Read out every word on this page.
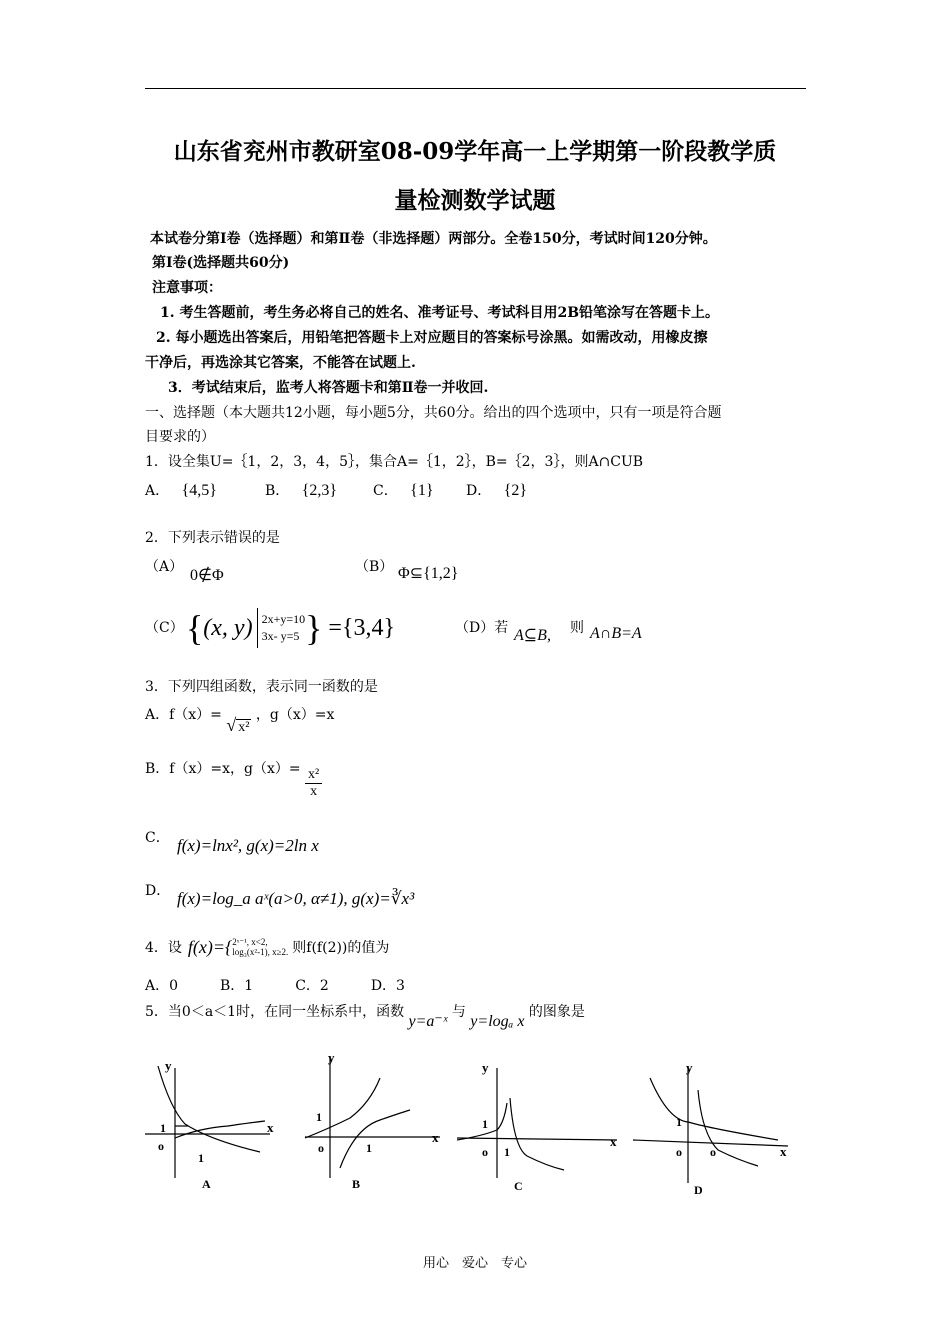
山东省兖州市教研室08-09学年高一上学期第一阶段教学质
量检测数学试题
本试卷分第Ⅰ卷（选择题）和第Ⅱ卷（非选择题）两部分。全卷150分，考试时间120分钟。
第Ⅰ卷(选择题共60分)
注意事项：
1. 考生答题前，考生务必将自己的姓名、准考证号、考试科目用2B铅笔涂写在答题卡上。
2. 每小题选出答案后，用铅笔把答题卡上对应题目的答案标号涂黑。如需改动，用橡皮擦
干净后，再选涂其它答案，不能答在试题上.
3．考试结束后，监考人将答题卡和第Ⅱ卷一并收回.
一、选择题（本大题共12小题，每小题5分，共60分。给出的四个选项中，只有一项是符合题
目要求的）
1．设全集U=｛1，2，3，4，5｝，集合A=｛1，2｝，B=｛2，3｝，则A∩CUB
A． {4,5}	B． {2,3}	C． {1} D． {2}
2．下列表示错误的是
（A） 0∉Φ	（B） Φ⊆{1,2}
（C） { (x, y) 2x+y=10
3x- y=5 } ={3,4}	（D）若 A⊆B, 则 A∩B=A
3．下列四组函数，表示同一函数的是
A．f（x）= √ x² ，g（x）=x
B．f（x）=x，$g(x)= \frac{\text{x²}}{x}$
C． f(x)=lnx², g(x)=2ln x
D． f(x)=log_a aˣ(a>0, α≠1), g(x)=∛x³
4．设 f(x)={ 2ˣ⁻¹, x<2,
log₃(x²-1), x≥2. 则f(f(2))的值为
A．0　　　B．1　　　C．2　　　D．3
5．当0＜a＜1时，在同一坐标系中，函数 y=a⁻ˣ 与 y=logₐ x 的图象是
y
x
1
o
1
A
y
x
1
o	1
B
y
x
1
o 1
C
y
x
1
o o
D
用心　爱心　专心
